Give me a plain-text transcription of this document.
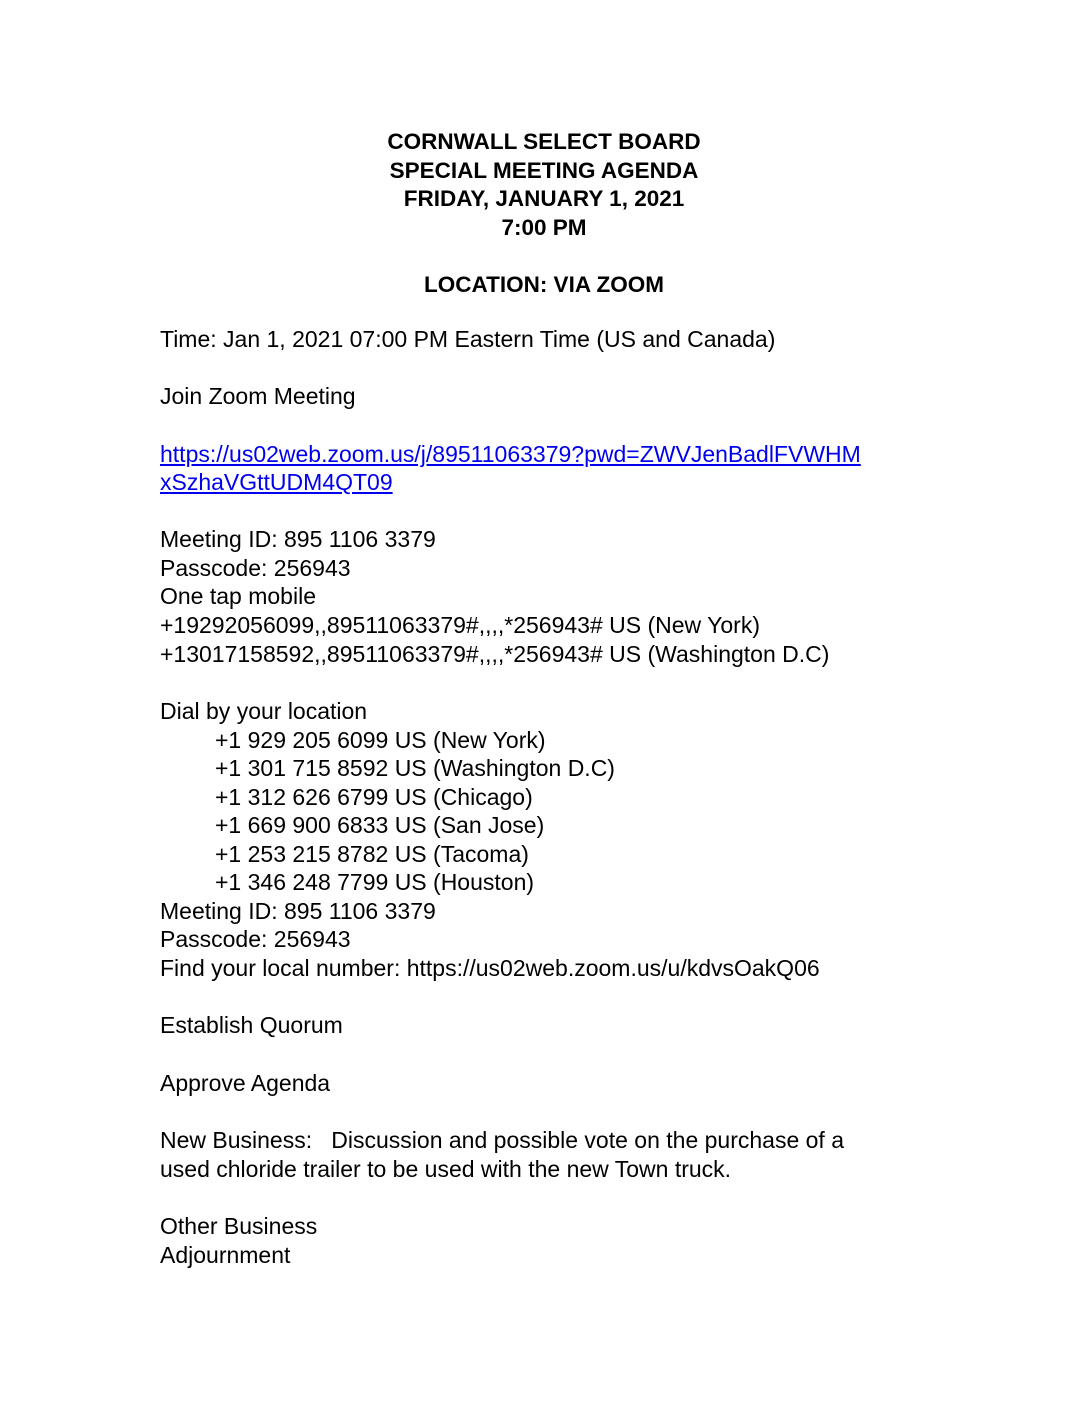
CORNWALL SELECT BOARD
SPECIAL MEETING AGENDA
FRIDAY, JANUARY 1, 2021
7:00 PM
LOCATION: VIA ZOOM
Time: Jan 1, 2021 07:00 PM Eastern Time (US and Canada)
Join Zoom Meeting
https://us02web.zoom.us/j/89511063379?pwd=ZWVJenBadlFVWHM
xSzhaVGttUDM4QT09
Meeting ID: 895 1106 3379
Passcode: 256943
One tap mobile
+19292056099,,89511063379#,,,,*256943# US (New York)
+13017158592,,89511063379#,,,,*256943# US (Washington D.C)
Dial by your location
+1 929 205 6099 US (New York)
+1 301 715 8592 US (Washington D.C)
+1 312 626 6799 US (Chicago)
+1 669 900 6833 US (San Jose)
+1 253 215 8782 US (Tacoma)
+1 346 248 7799 US (Houston)
Meeting ID: 895 1106 3379
Passcode: 256943
Find your local number: https://us02web.zoom.us/u/kdvsOakQ06
Establish Quorum
Approve Agenda
New Business:   Discussion and possible vote on the purchase of a
used chloride trailer to be used with the new Town truck.
Other Business
Adjournment
